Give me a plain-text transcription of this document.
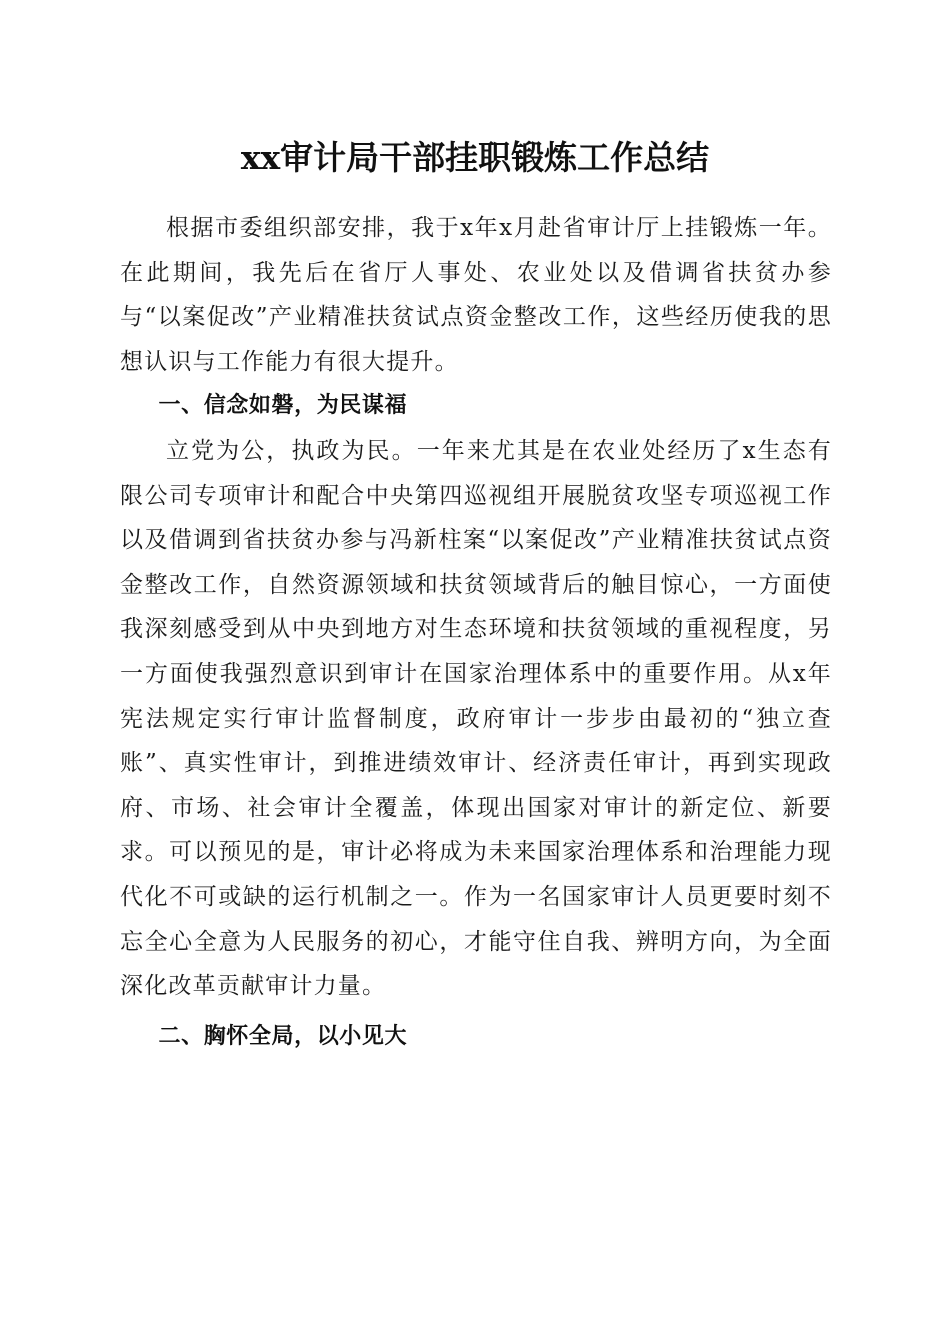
xx审计局干部挂职锻炼工作总结

根据市委组织部安排，我于x年x月赴省审计厅上挂锻炼一年。在此期间，我先后在省厅人事处、农业处以及借调省扶贫办参与“以案促改”产业精准扶贫试点资金整改工作，这些经历使我的思想认识与工作能力有很大提升。

一、信念如磐，为民谋福

立党为公，执政为民。一年来尤其是在农业处经历了x生态有限公司专项审计和配合中央第四巡视组开展脱贫攻坚专项巡视工作以及借调到省扶贫办参与冯新柱案“以案促改”产业精准扶贫试点资金整改工作，自然资源领域和扶贫领域背后的触目惊心，一方面使我深刻感受到从中央到地方对生态环境和扶贫领域的重视程度，另一方面使我强烈意识到审计在国家治理体系中的重要作用。从x年宪法规定实行审计监督制度，政府审计一步步由最初的“独立查账”、真实性审计，到推进绩效审计、经济责任审计，再到实现政府、市场、社会审计全覆盖，体现出国家对审计的新定位、新要求。可以预见的是，审计必将成为未来国家治理体系和治理能力现代化不可或缺的运行机制之一。作为一名国家审计人员更要时刻不忘全心全意为人民服务的初心，才能守住自我、辨明方向，为全面深化改革贡献审计力量。

二、胸怀全局，以小见大
